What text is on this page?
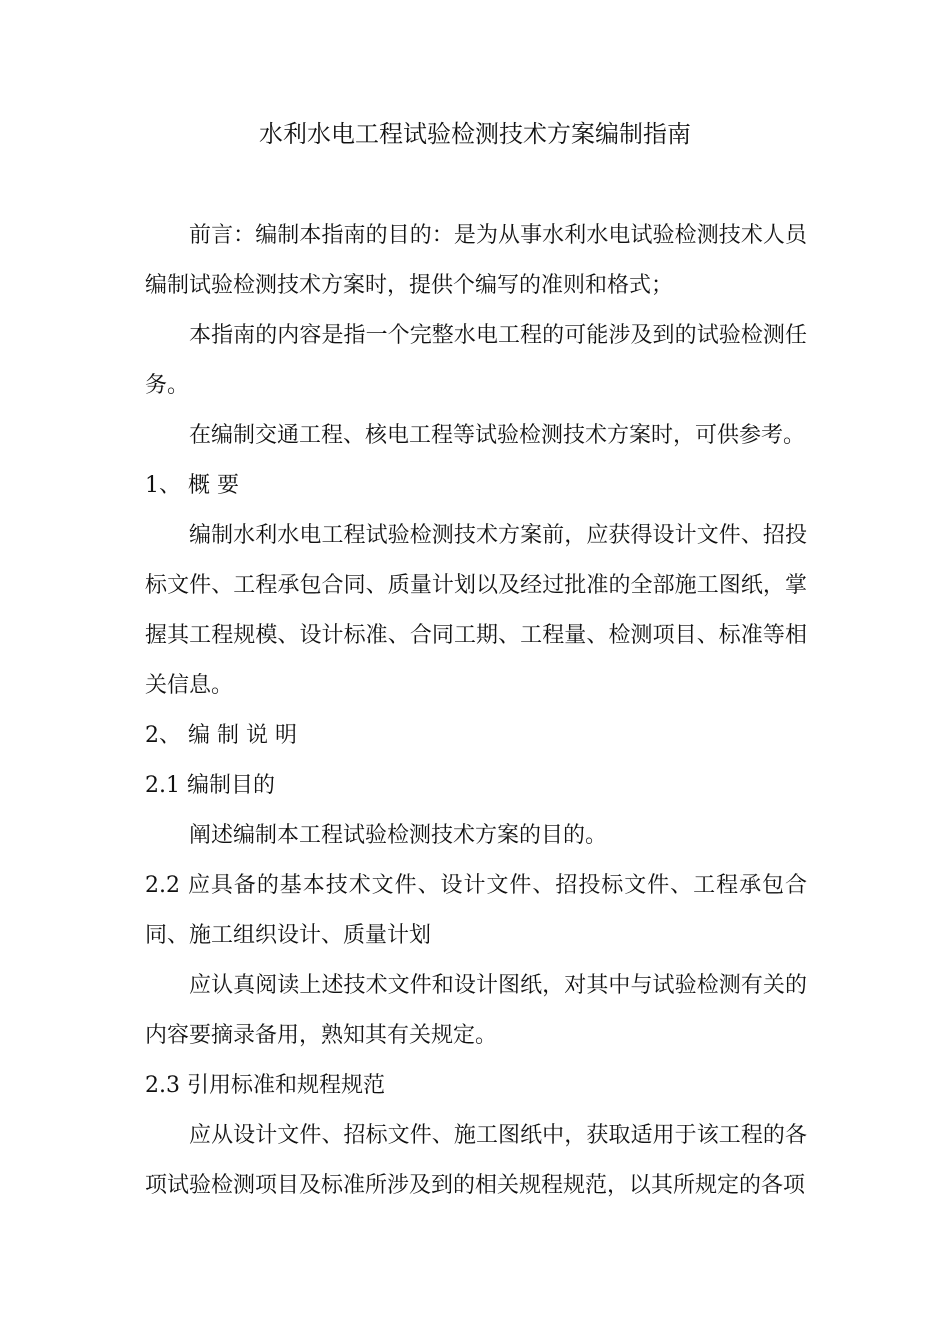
水利水电工程试验检测技术方案编制指南

前言：编制本指南的目的：是为从事水利水电试验检测技术人员编制试验检测技术方案时，提供个编写的准则和格式；

本指南的内容是指一个完整水电工程的可能涉及到的试验检测任务。

在编制交通工程、核电工程等试验检测技术方案时，可供参考。

1、 概 要

编制水利水电工程试验检测技术方案前，应获得设计文件、招投标文件、工程承包合同、质量计划以及经过批准的全部施工图纸，掌握其工程规模、设计标准、合同工期、工程量、检测项目、标准等相关信息。

2、 编 制 说 明

2.1 编制目的

阐述编制本工程试验检测技术方案的目的。

2.2 应具备的基本技术文件、设计文件、招投标文件、工程承包合同、施工组织设计、质量计划

应认真阅读上述技术文件和设计图纸，对其中与试验检测有关的内容要摘录备用，熟知其有关规定。

2.3 引用标准和规程规范

应从设计文件、招标文件、施工图纸中，获取适用于该工程的各项试验检测项目及标准所涉及到的相关规程规范，以其所规定的各项
